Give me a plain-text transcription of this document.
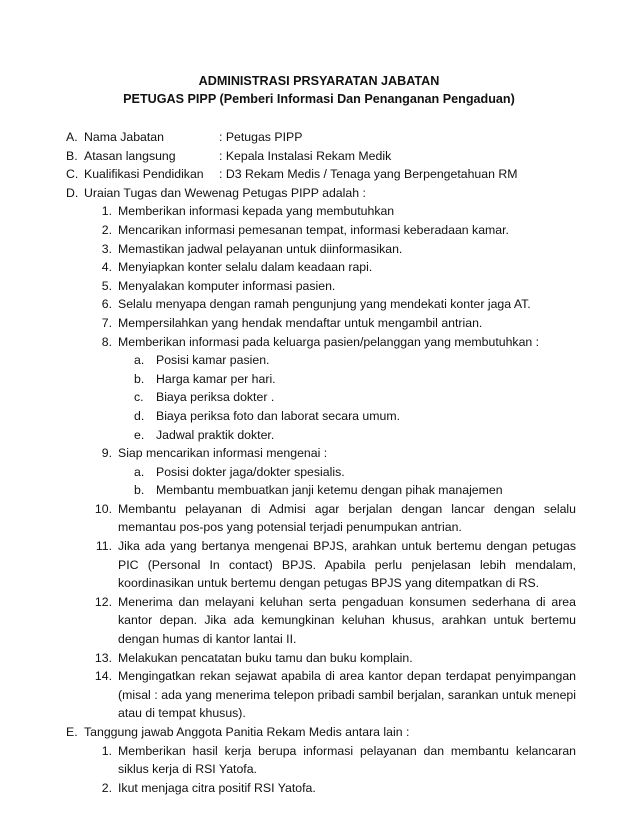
ADMINISTRASI PRSYARATAN JABATAN
PETUGAS PIPP (Pemberi Informasi Dan Penanganan Pengaduan)
A. Nama Jabatan	: Petugas PIPP
B. Atasan langsung	: Kepala Instalasi Rekam Medik
C. Kualifikasi Pendidikan	: D3 Rekam Medis / Tenaga yang Berpengetahuan RM
D. Uraian Tugas dan Wewenag Petugas PIPP adalah :
1. Memberikan informasi kepada yang membutuhkan
2. Mencarikan informasi pemesanan tempat, informasi keberadaan kamar.
3. Memastikan jadwal pelayanan untuk diinformasikan.
4. Menyiapkan konter selalu dalam keadaan rapi.
5. Menyalakan komputer informasi pasien.
6. Selalu menyapa dengan ramah pengunjung yang mendekati konter jaga AT.
7. Mempersilahkan yang hendak mendaftar untuk mengambil antrian.
8. Memberikan informasi pada keluarga pasien/pelanggan yang membutuhkan :
a. Posisi kamar pasien.
b. Harga kamar per hari.
c.	Biaya periksa dokter .
d. Biaya periksa foto dan laborat secara umum.
e. Jadwal praktik dokter.
9. Siap mencarikan informasi mengenai :
a. Posisi dokter jaga/dokter spesialis.
b. Membantu membuatkan janji ketemu dengan pihak manajemen
10. Membantu pelayanan di Admisi agar berjalan dengan lancar dengan selalu memantau pos-pos yang potensial terjadi penumpukan antrian.
11. Jika ada yang bertanya mengenai BPJS, arahkan untuk bertemu dengan petugas PIC (Personal In contact) BPJS. Apabila perlu penjelasan lebih mendalam, koordinasikan untuk bertemu dengan petugas BPJS yang ditempatkan di RS.
12. Menerima dan melayani keluhan serta pengaduan konsumen sederhana di area kantor depan. Jika ada kemungkinan keluhan khusus, arahkan untuk bertemu dengan humas di kantor lantai II.
13. Melakukan pencatatan buku tamu dan buku komplain.
14. Mengingatkan rekan sejawat apabila di area kantor depan terdapat penyimpangan (misal : ada yang menerima telepon pribadi sambil berjalan, sarankan untuk menepi atau di tempat khusus).
E. Tanggung jawab Anggota Panitia Rekam Medis antara lain :
1. Memberikan hasil kerja berupa informasi pelayanan dan membantu kelancaran siklus kerja di RSI Yatofa.
2. Ikut menjaga citra positif RSI Yatofa.
